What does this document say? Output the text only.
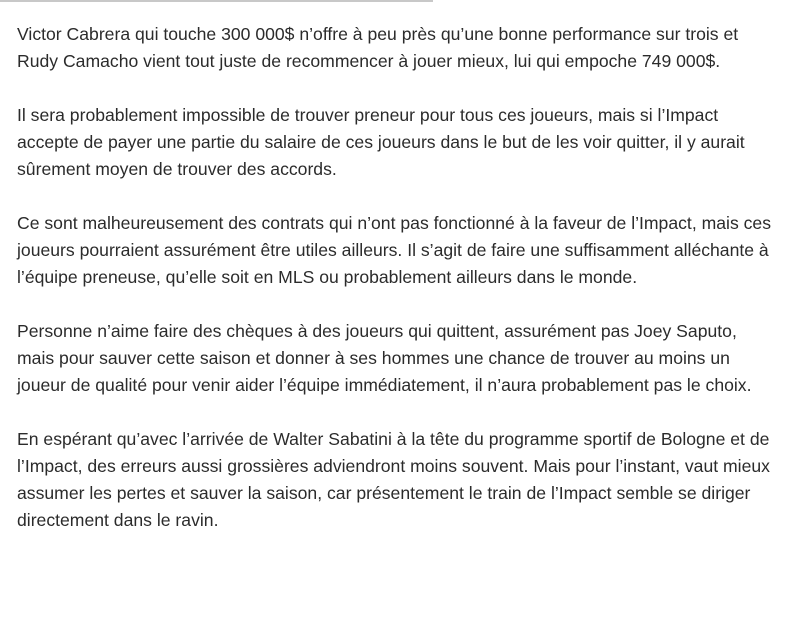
Victor Cabrera qui touche 300 000$ n’offre à peu près qu’une bonne performance sur trois et Rudy Camacho vient tout juste de recommencer à jouer mieux, lui qui empoche 749 000$.

Il sera probablement impossible de trouver preneur pour tous ces joueurs, mais si l’Impact accepte de payer une partie du salaire de ces joueurs dans le but de les voir quitter, il y aurait sûrement moyen de trouver des accords.

Ce sont malheureusement des contrats qui n’ont pas fonctionné à la faveur de l’Impact, mais ces joueurs pourraient assurément être utiles ailleurs. Il s’agit de faire une suffisamment alléchante à l’équipe preneuse, qu’elle soit en MLS ou probablement ailleurs dans le monde.

Personne n’aime faire des chèques à des joueurs qui quittent, assurément pas Joey Saputo, mais pour sauver cette saison et donner à ses hommes une chance de trouver au moins un joueur de qualité pour venir aider l’équipe immédiatement, il n’aura probablement pas le choix.

En espérant qu’avec l’arrivée de Walter Sabatini à la tête du programme sportif de Bologne et de l’Impact, des erreurs aussi grossières adviendront moins souvent. Mais pour l’instant, vaut mieux assumer les pertes et sauver la saison, car présentement le train de l’Impact semble se diriger directement dans le ravin.
